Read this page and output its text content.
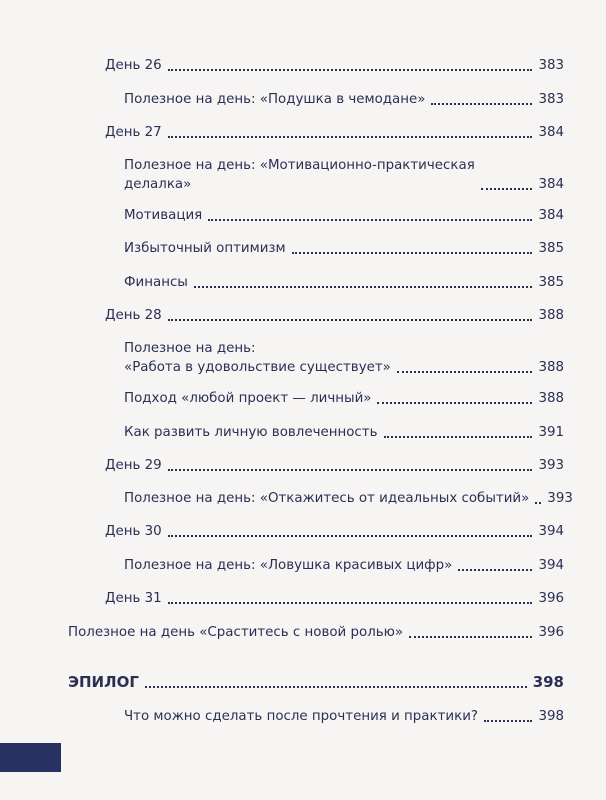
День 26	383
Полезное на день: «Подушка в чемодане»	383
День 27	384
Полезное на день: «Мотивационно-практическая
делалка»	384
Мотивация	384
Избыточный оптимизм	385
Финансы	385
День 28	388
Полезное на день:
«Работа в удовольствие существует»	388
Подход «любой проект — личный»	388
Как развить личную вовлеченность	391
День 29	393
Полезное на день: «Откажитесь от идеальных событий» 393
День 30	394
Полезное на день: «Ловушка красивых цифр»	394
День 31	396
Полезное на день «Сраститесь с новой ролью»	396
ЭПИЛОГ	398
Что можно сделать после прочтения и практики?	398
